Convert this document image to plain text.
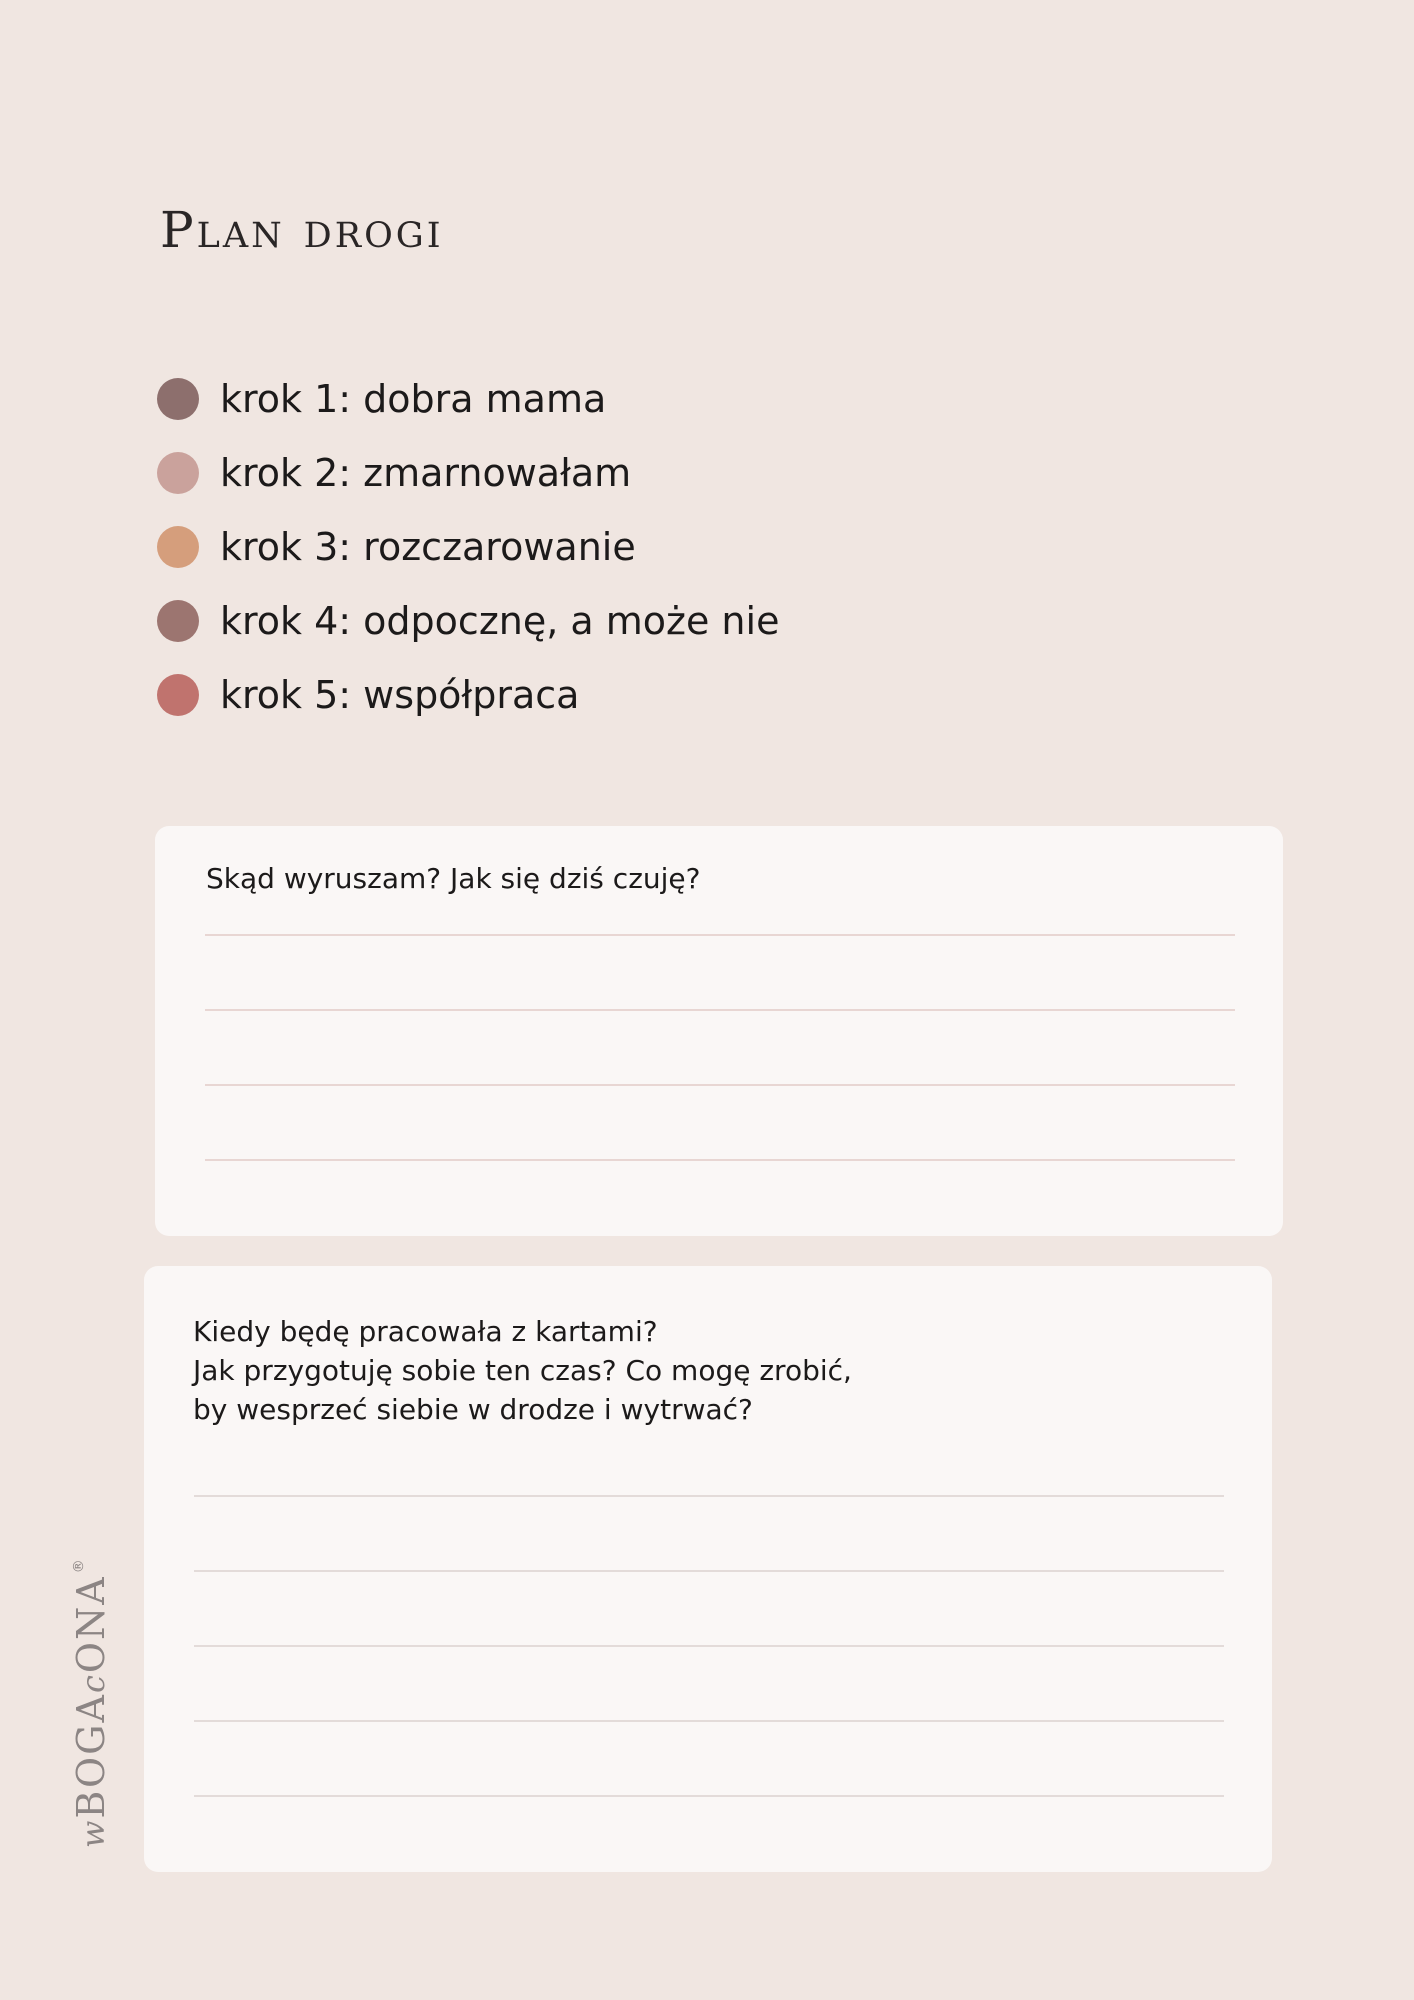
Plan drogi
krok 1: dobra mama
krok 2: zmarnowałam
krok 3: rozczarowanie
krok 4: odpocznę, a może nie
krok 5: współpraca
Skąd wyruszam? Jak się dziś czuję?
Kiedy będę pracowała z kartami?
Jak przygotuję sobie ten czas? Co mogę zrobić,
by wesprzeć siebie w drodze i wytrwać?
wBOGAcONA®
